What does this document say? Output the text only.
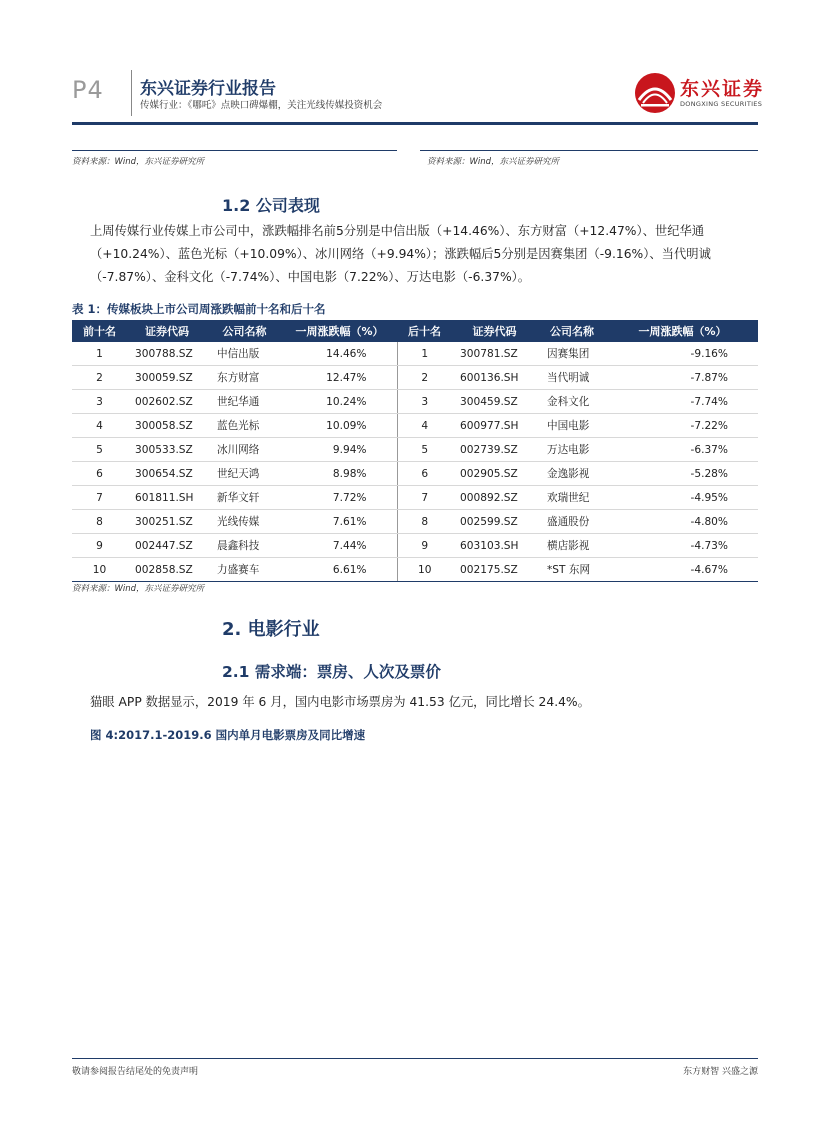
P4 东兴证券行业报告
传媒行业：《哪吒》点映口碑爆棚，关注光线传媒投资机会
东兴证券
DONGXING SECURITIES
资料来源：Wind，东兴证券研究所	资料来源：Wind，东兴证券研究所
1.2 公司表现
上周传媒行业传媒上市公司中，涨跌幅排名前5分别是中信出版（+14.46%）、东方财富（+12.47%）、世纪华通（+10.24%）、蓝色光标（+10.09%）、冰川网络（+9.94%）；涨跌幅后5分别是因赛集团（-9.16%）、当代明诚（-7.87%）、金科文化（-7.74%）、中国电影（7.22%）、万达电影（-6.37%）。
表 1：传媒板块上市公司周涨跌幅前十名和后十名
前十名	证券代码	公司名称	一周涨跌幅（%）	后十名	证券代码	公司名称	一周涨跌幅（%）
1	300788.SZ	中信出版	14.46%	1	300781.SZ	因赛集团	-9.16%
2	300059.SZ	东方财富	12.47%	2	600136.SH	当代明诚	-7.87%
3	002602.SZ	世纪华通	10.24%	3	300459.SZ	金科文化	-7.74%
4	300058.SZ	蓝色光标	10.09%	4	600977.SH	中国电影	-7.22%
5	300533.SZ	冰川网络	9.94%	5	002739.SZ	万达电影	-6.37%
6	300654.SZ	世纪天鸿	8.98%	6	002905.SZ	金逸影视	-5.28%
7	601811.SH	新华文轩	7.72%	7	000892.SZ	欢瑞世纪	-4.95%
8	300251.SZ	光线传媒	7.61%	8	002599.SZ	盛通股份	-4.80%
9	002447.SZ	晨鑫科技	7.44%	9	603103.SH	横店影视	-4.73%
10	002858.SZ	力盛赛车	6.61%	10	002175.SZ	*ST 东网	-4.67%
资料来源：Wind，东兴证券研究所
2. 电影行业
2.1 需求端：票房、人次及票价
猫眼 APP 数据显示，2019 年 6 月，国内电影市场票房为 41.53 亿元，同比增长 24.4%。
图 4:2017.1-2019.6 国内单月电影票房及同比增速
敬请参阅报告结尾处的免责声明	东方财智 兴盛之源
